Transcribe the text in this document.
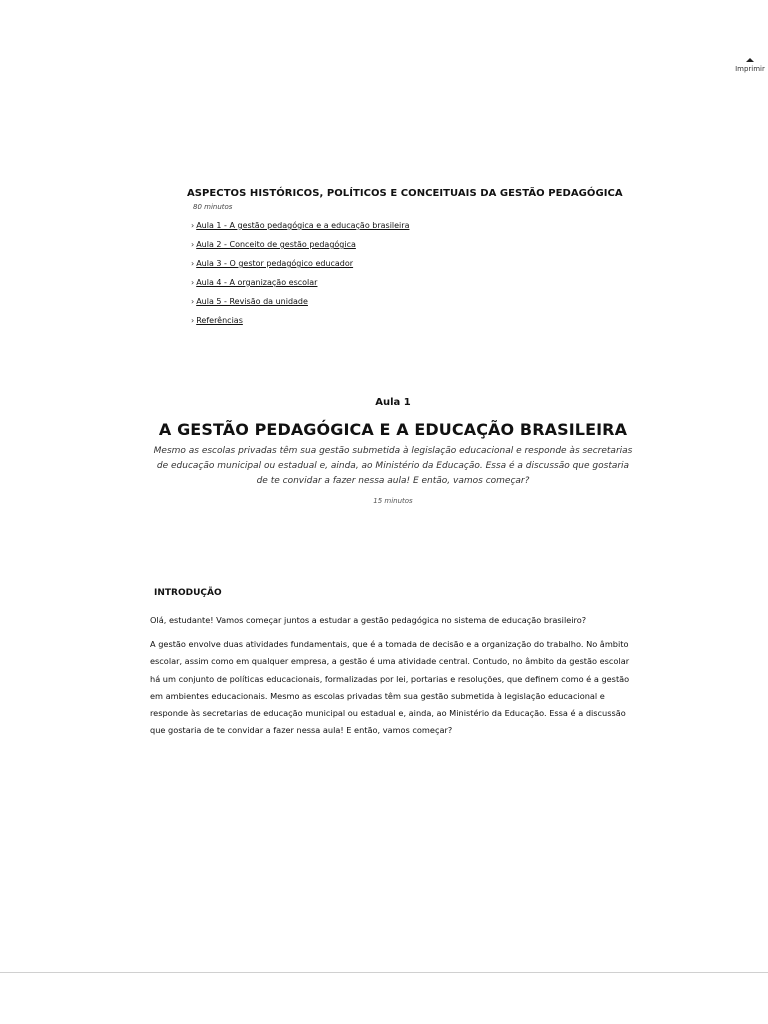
Imprimir
ASPECTOS HISTÓRICOS, POLÍTICOS E CONCEITUAIS DA GESTÃO PEDAGÓGICA

80 minutos

› Aula 1 - A gestão pedagógica e a educação brasileira
› Aula 2 - Conceito de gestão pedagógica
› Aula 3 - O gestor pedagógico educador
› Aula 4 - A organização escolar
› Aula 5 - Revisão da unidade
› Referências

Aula 1

A GESTÃO PEDAGÓGICA E A EDUCAÇÃO BRASILEIRA

Mesmo as escolas privadas têm sua gestão submetida à legislação educacional e responde às secretarias de educação municipal ou estadual e, ainda, ao Ministério da Educação. Essa é a discussão que gostaria de te convidar a fazer nessa aula! E então, vamos começar?

15 minutos

INTRODUÇÃO

Olá, estudante! Vamos começar juntos a estudar a gestão pedagógica no sistema de educação brasileiro?

A gestão envolve duas atividades fundamentais, que é a tomada de decisão e a organização do trabalho. No âmbito escolar, assim como em qualquer empresa, a gestão é uma atividade central. Contudo, no âmbito da gestão escolar há um conjunto de políticas educacionais, formalizadas por lei, portarias e resoluções, que definem como é a gestão em ambientes educacionais. Mesmo as escolas privadas têm sua gestão submetida à legislação educacional e responde às secretarias de educação municipal ou estadual e, ainda, ao Ministério da Educação. Essa é a discussão que gostaria de te convidar a fazer nessa aula! E então, vamos começar?
